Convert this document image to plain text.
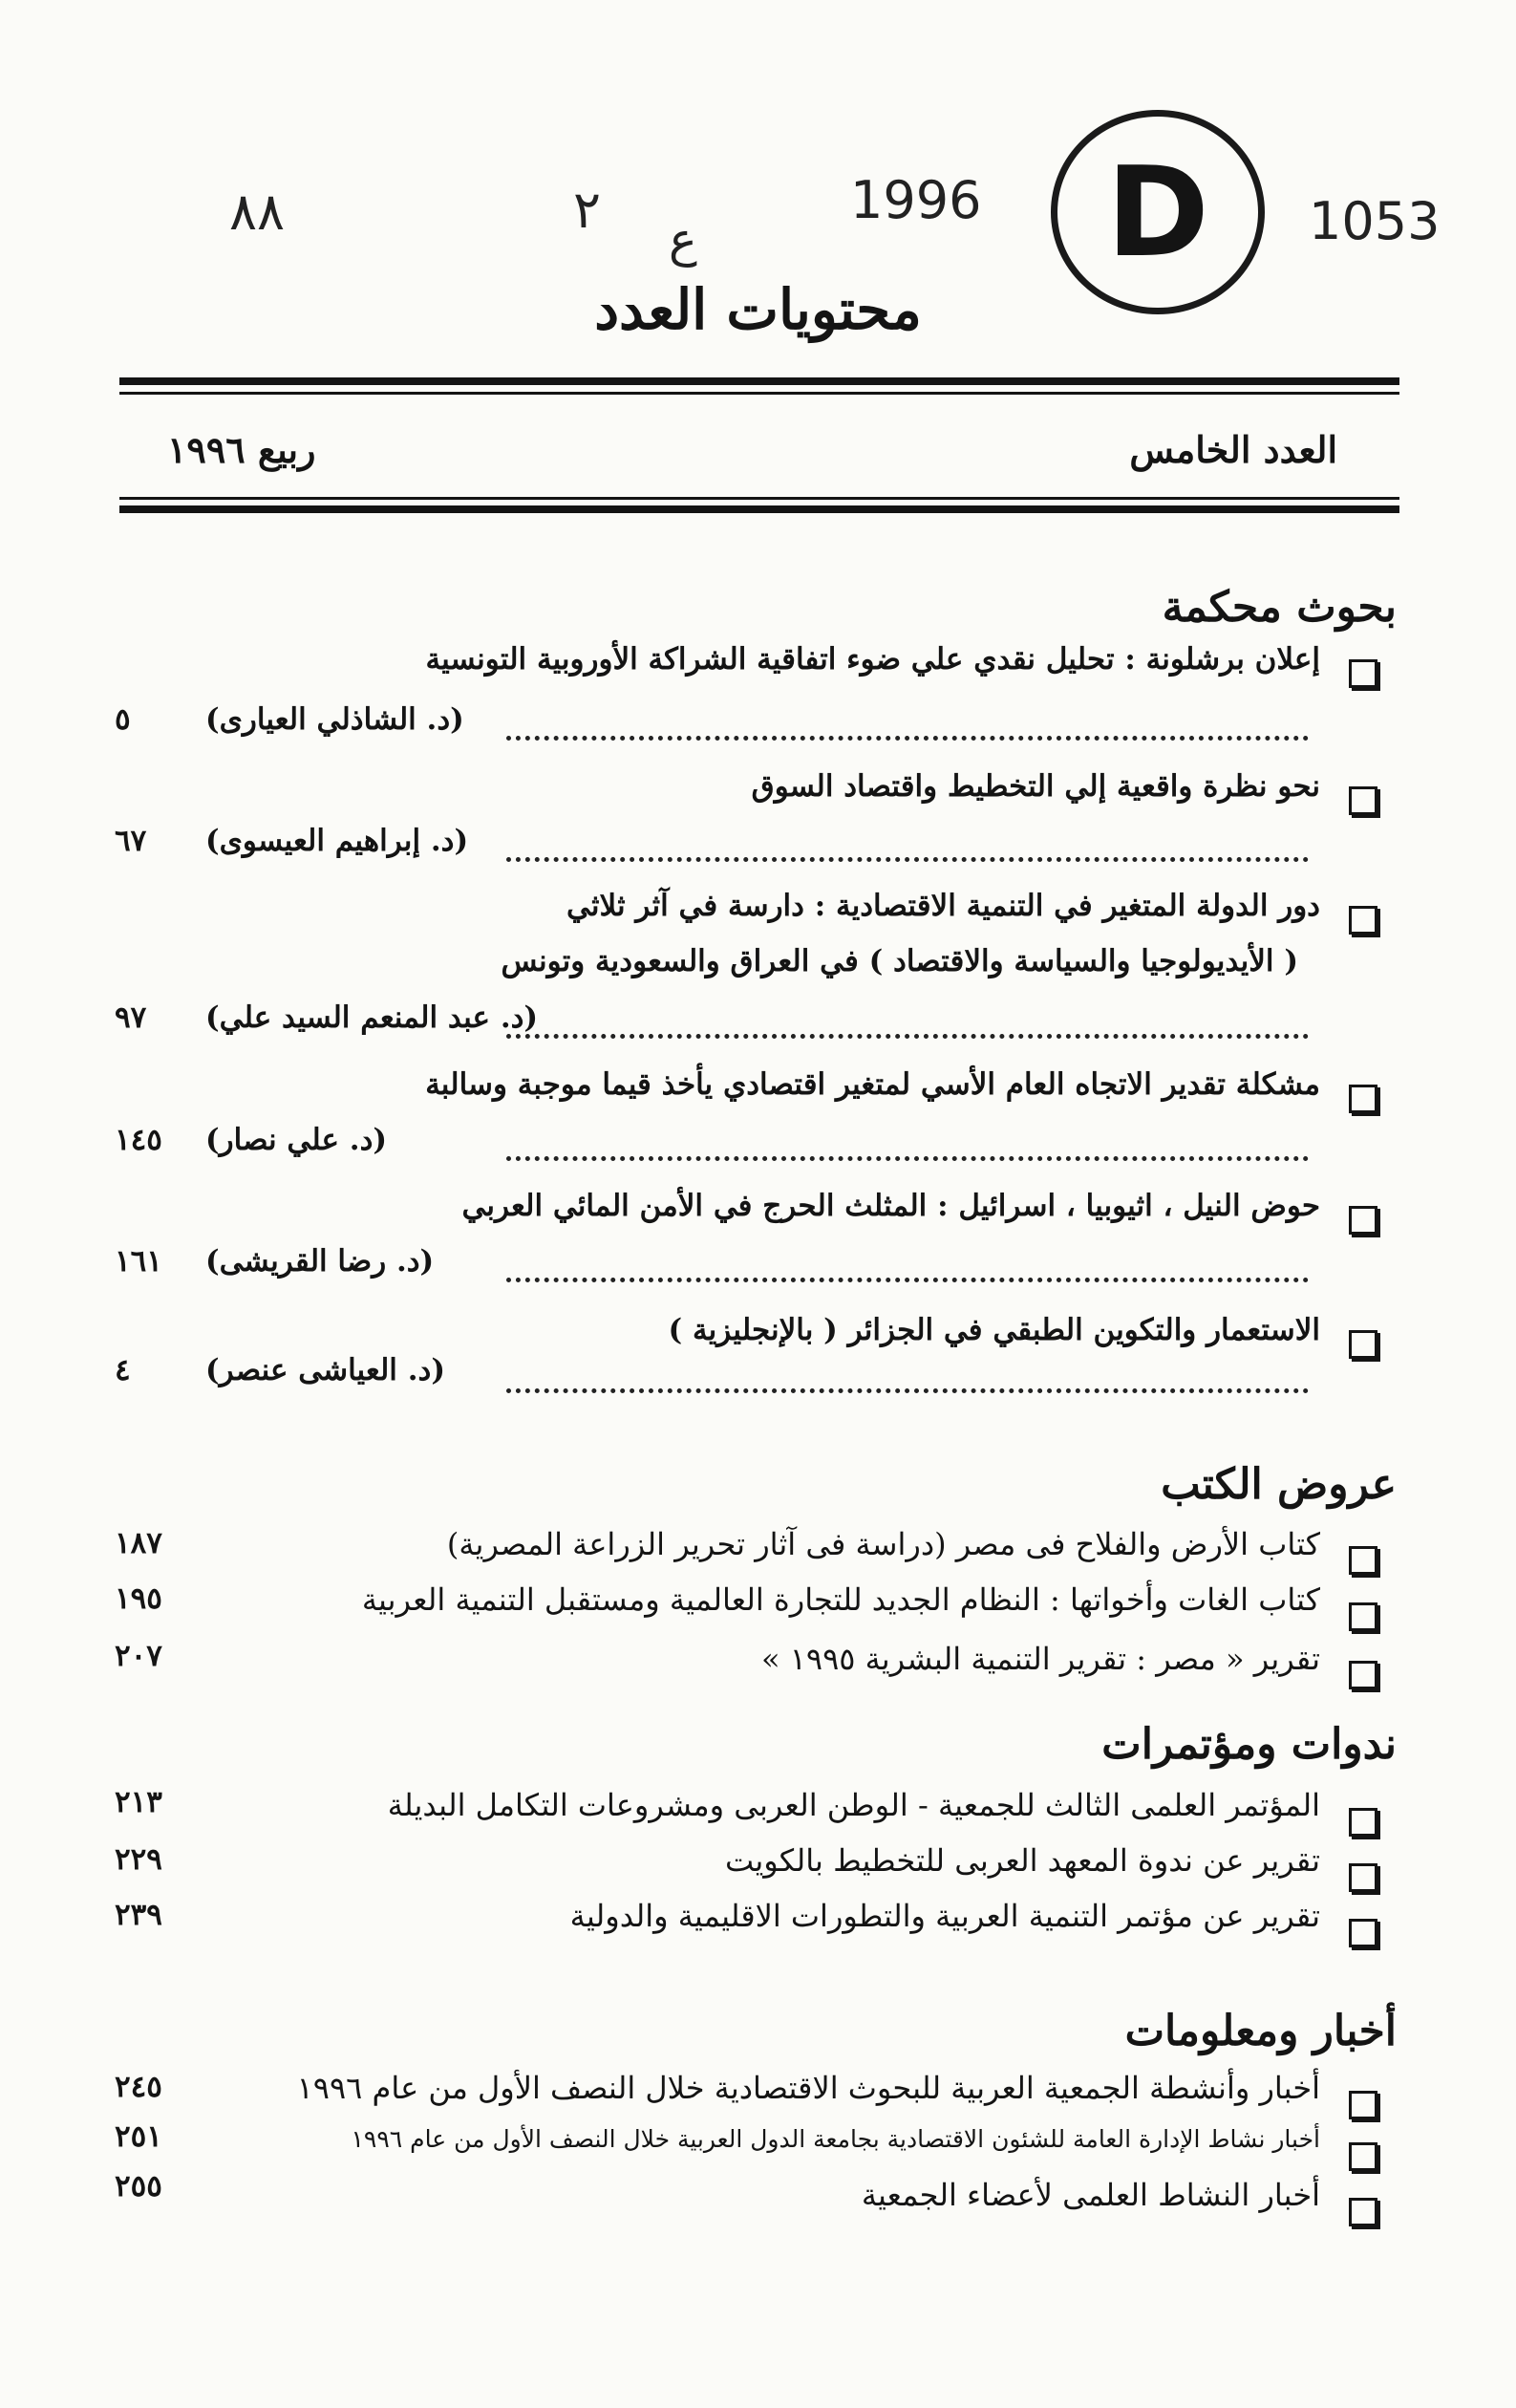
٨٨	٢ ع
1996	1053
D
محتويات العدد
العدد الخامس
ربيع ١٩٩٦
بحوث محكمة
إعلان برشلونة : تحليل نقدي علي ضوء اتفاقية الشراكة الأوروبية التونسية
(د. الشاذلي العيارى)
٥
نحو نظرة واقعية إلي التخطيط واقتصاد السوق
(د. إبراهيم العيسوى)
٦٧
دور الدولة المتغير في التنمية الاقتصادية : دارسة في آثر ثلاثي
( الأيديولوجيا والسياسة والاقتصاد ) في العراق والسعودية وتونس
(د. عبد المنعم السيد علي)
٩٧
مشكلة تقدير الاتجاه العام الأسي لمتغير اقتصادي يأخذ قيما موجبة وسالبة
(د. علي نصار)
١٤٥
حوض النيل ، اثيوبيا ، اسرائيل : المثلث الحرج في الأمن المائي العربي
(د. رضا القريشى)
١٦١
الاستعمار والتكوين الطبقي في الجزائر ( بالإنجليزية )
(د. العياشى عنصر)
٤
عروض الكتب
كتاب الأرض والفلاح فى مصر (دراسة فى آثار تحرير الزراعة المصرية)
١٨٧
كتاب الغات وأخواتها : النظام الجديد للتجارة العالمية ومستقبل التنمية العربية
١٩٥
تقرير « مصر : تقرير التنمية البشرية ١٩٩٥ »
٢٠٧
ندوات ومؤتمرات
المؤتمر العلمى الثالث للجمعية - الوطن العربى ومشروعات التكامل البديلة
٢١٣
تقرير عن ندوة المعهد العربى للتخطيط بالكويت
٢٢٩
تقرير عن مؤتمر التنمية العربية والتطورات الاقليمية والدولية
٢٣٩
أخبار ومعلومات
أخبار وأنشطة الجمعية العربية للبحوث الاقتصادية خلال النصف الأول من عام ١٩٩٦
٢٤٥
أخبار نشاط الإدارة العامة للشئون الاقتصادية بجامعة الدول العربية خلال النصف الأول من عام ١٩٩٦
٢٥١
أخبار النشاط العلمى لأعضاء الجمعية
٢٥٥
